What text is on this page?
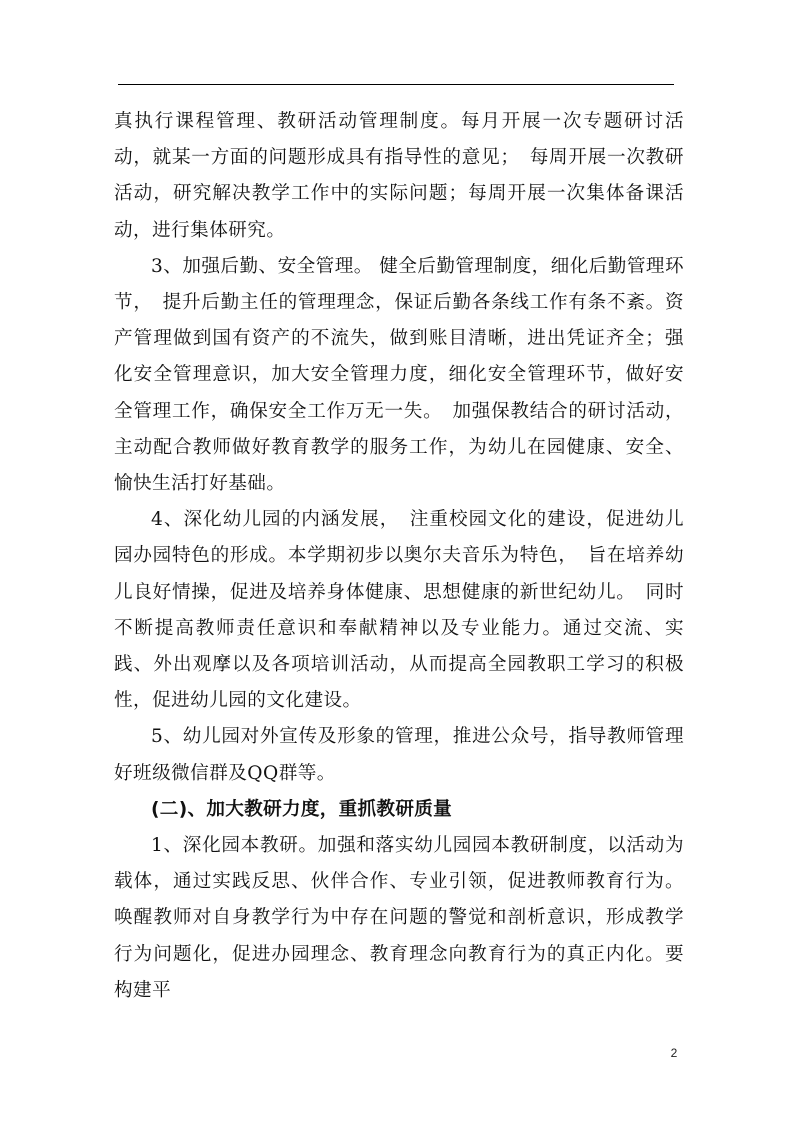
真执行课程管理、教研活动管理制度。每月开展一次专题研讨活动，就某一方面的问题形成具有指导性的意见；　每周开展一次教研活动，研究解决教学工作中的实际问题；每周开展一次集体备课活动，进行集体研究。

3、加强后勤、安全管理。 健全后勤管理制度，细化后勤管理环节，　提升后勤主任的管理理念，保证后勤各条线工作有条不紊。资产管理做到国有资产的不流失，做到账目清晰，进出凭证齐全；强化安全管理意识，加大安全管理力度，细化安全管理环节，做好安全管理工作，确保安全工作万无一失。　加强保教结合的研讨活动，主动配合教师做好教育教学的服务工作，为幼儿在园健康、安全、愉快生活打好基础。

4、深化幼儿园的内涵发展，　注重校园文化的建设，促进幼儿园办园特色的形成。本学期初步以奥尔夫音乐为特色，　旨在培养幼儿良好情操，促进及培养身体健康、思想健康的新世纪幼儿。　同时不断提高教师责任意识和奉献精神以及专业能力。通过交流、实践、外出观摩以及各项培训活动，从而提高全园教职工学习的积极性，促进幼儿园的文化建设。

5、幼儿园对外宣传及形象的管理，推进公众号，指导教师管理好班级微信群及QQ群等。

(二)、加大教研力度，重抓教研质量

1、深化园本教研。加强和落实幼儿园园本教研制度，以活动为载体，通过实践反思、伙伴合作、专业引领，促进教师教育行为。唤醒教师对自身教学行为中存在问题的警觉和剖析意识，形成教学行为问题化，促进办园理念、教育理念向教育行为的真正内化。要构建平

2
